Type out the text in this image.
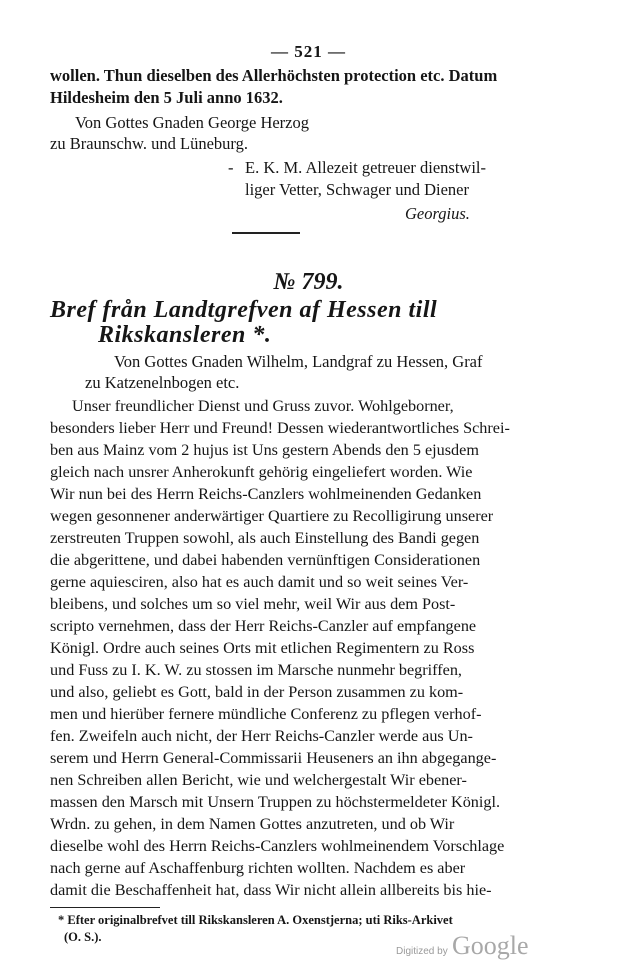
— 521 —
wollen. Thun dieselben des Allerhöchsten protection etc. Datum
Hildesheim den 5 Juli anno 1632.
Von Gottes Gnaden George Herzog
zu Braunschw. und Lüneburg.
- E. K. M. Allezeit getreuer dienstwil-
liger Vetter, Schwager und Diener
Georgius.
№ 799.
Bref från Landtgrefven af Hessen till
Rikskansleren *.
Von Gottes Gnaden Wilhelm, Landgraf zu Hessen, Graf
zu Katzenelnbogen etc.
Unser freundlicher Dienst und Gruss zuvor. Wohlgeborner,
besonders lieber Herr und Freund! Dessen wiederantwortliches Schrei-
ben aus Mainz vom 2 hujus ist Uns gestern Abends den 5 ejusdem
gleich nach unsrer Anherokunft gehörig eingeliefert worden. Wie
Wir nun bei des Herrn Reichs-Canzlers wohlmeinenden Gedanken
wegen gesonnener anderwärtiger Quartiere zu Recolligirung unserer
zerstreuten Truppen sowohl, als auch Einstellung des Bandi gegen
die abgerittene, und dabei habenden vernünftigen Considerationen
gerne aquiesciren, also hat es auch damit und so weit seines Ver-
bleibens, und solches um so viel mehr, weil Wir aus dem Post-
scripto vernehmen, dass der Herr Reichs-Canzler auf empfangene
Königl. Ordre auch seines Orts mit etlichen Regimentern zu Ross
und Fuss zu I. K. W. zu stossen im Marsche nunmehr begriffen,
und also, geliebt es Gott, bald in der Person zusammen zu kom-
men und hierüber fernere mündliche Conferenz zu pflegen verhof-
fen. Zweifeln auch nicht, der Herr Reichs-Canzler werde aus Un-
serem und Herrn General-Commissarii Heuseners an ihn abgegange-
nen Schreiben allen Bericht, wie und welchergestalt Wir ebener-
massen den Marsch mit Unsern Truppen zu höchstermeldeter Königl.
Wrdn. zu gehen, in dem Namen Gottes anzutreten, und ob Wir
dieselbe wohl des Herrn Reichs-Canzlers wohlmeinendem Vorschlage
nach gerne auf Aschaffenburg richten wollten. Nachdem es aber
damit die Beschaffenheit hat, dass Wir nicht allein allbereits bis hie-
* Efter originalbrefvet till Rikskansleren A. Oxenstjerna; uti Riks-Arkivet
(O. S.).
Digitized by Google
